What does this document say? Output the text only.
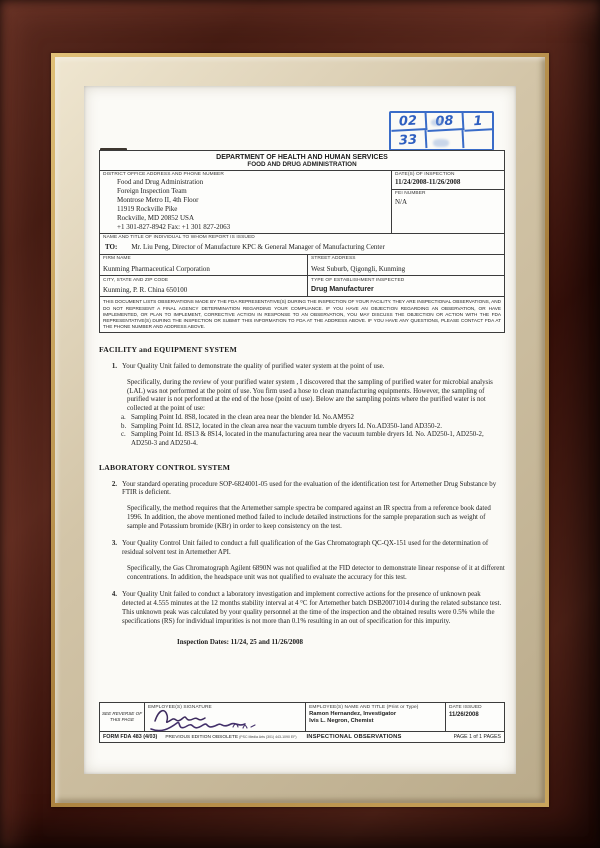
02	08	1
33
DEPARTMENT OF HEALTH AND HUMAN SERVICES
FOOD AND DRUG ADMINISTRATION
DISTRICT OFFICE ADDRESS AND PHONE NUMBER
Food and Drug Administration
Foreign Inspection Team
Montrose Metro II, 4th Floor
11919 Rockville Pike
Rockville, MD 20852 USA
+1 301-827-8942 Fax: +1 301 827-2063
DATE(S) OF INSPECTION
11/24/2008-11/26/2008
FEI NUMBER
N/A
NAME AND TITLE OF INDIVIDUAL TO WHOM REPORT IS ISSUED
TO: Mr. Liu Peng, Director of Manufacture KPC & General Manager of Manufacturing Center
FIRM NAME
Kunming Pharmaceutical Corporation
STREET ADDRESS
West Suburb, Qigongli, Kunming
CITY, STATE AND ZIP CODE
Kunming, P. R. China 650100
TYPE OF ESTABLISHMENT INSPECTED
Drug Manufacturer
THIS DOCUMENT LISTS OBSERVATIONS MADE BY THE FDA REPRESENTATIVE(S) DURING THE INSPECTION OF YOUR FACILITY. THEY ARE INSPECTIONAL OBSERVATIONS, AND DO NOT REPRESENT A FINAL AGENCY DETERMINATION REGARDING YOUR COMPLIANCE. IF YOU HAVE AN OBJECTION REGARDING AN OBSERVATION, OR HAVE IMPLEMENTED, OR PLAN TO IMPLEMENT, CORRECTIVE ACTION IN RESPONSE TO AN OBSERVATION, YOU MAY DISCUSS THE OBJECTION OR ACTION WITH THE FDA REPRESENTATIVE(S) DURING THE INSPECTION OR SUBMIT THIS INFORMATION TO FDA AT THE ADDRESS ABOVE. IF YOU HAVE ANY QUESTIONS, PLEASE CONTACT FDA AT THE PHONE NUMBER AND ADDRESS ABOVE.
FACILITY and EQUIPMENT SYSTEM
1. Your Quality Unit failed to demonstrate the quality of purified water system at the point of use.
Specifically, during the review of your purified water system , I discovered that the sampling of purified water for microbial analysis (LAL) was not performed at the point of use. You firm used a hose to clean manufacturing equipments. However, the sampling of purified water is not performed at the end of the hose (point of use). Below are the sampling points where the purified water is not collected at the point of use:
a. Sampling Point Id. 8S8, located in the clean area near the blender Id. No.AM952
b. Sampling Point Id. 8S12, located in the clean area near the vacuum tumble dryers Id. No.AD350-1and AD350-2.
c. Sampling Point Id. 8S13 & 8S14, located in the manufacturing area near the vacuum tumble dryers Id. No. AD250-1, AD250-2, AD250-3 and AD250-4.
LABORATORY CONTROL SYSTEM
2. Your standard operating procedure SOP-6824001-05 used for the evaluation of the identification test for Artemether Drug Substance by FTIR is deficient.
Specifically, the method requires that the Artemether sample spectra be compared against an IR spectra from a reference book dated 1996. In addition, the above mentioned method failed to include detailed instructions for the sample preparation such as weight of sample and Potassium bromide (KBr) in order to keep consistency on the test.
3. Your Quality Control Unit failed to conduct a full qualification of the Gas Chromatograph QC-QX-151 used for the determination of residual solvent test in Artemether API.
Specifically, the Gas Chromatograph Agilent 6890N was not qualified at the FID detector to demonstrate linear response of it at different concentrations. In addition, the headspace unit was not qualified to evaluate the accuracy for this test.
4. Your Quality Unit failed to conduct a laboratory investigation and implement corrective actions for the presence of unknown peak detected at 4.555 minutes at the 12 months stability interval at 4 °C for Artemether batch DSB20071014 during the related substance test. This unknown peak was calculated by your quality personnel at the time of the inspection and the obtained results were 0.5% while the specifications (RS) for individual impurities is not more than 0.1% resulting in an out of specification for this impurity.
Inspection Dates: 11/24, 25 and 11/26/2008
SEE REVERSE OF THIS PAGE
EMPLOYEE(S) SIGNATURE	EMPLOYEE(S) NAME AND TITLE (Print or Type)
Ramon Hernandez, Investigator
Ivis L. Negron, Chemist
DATE ISSUED
11/26/2008
FORM FDA 483 (4/03) PREVIOUS EDITION OBSOLETE (PSC Media Arts (301) 443-1090 EF) INSPECTIONAL OBSERVATIONS	PAGE 1 of 1 PAGES
